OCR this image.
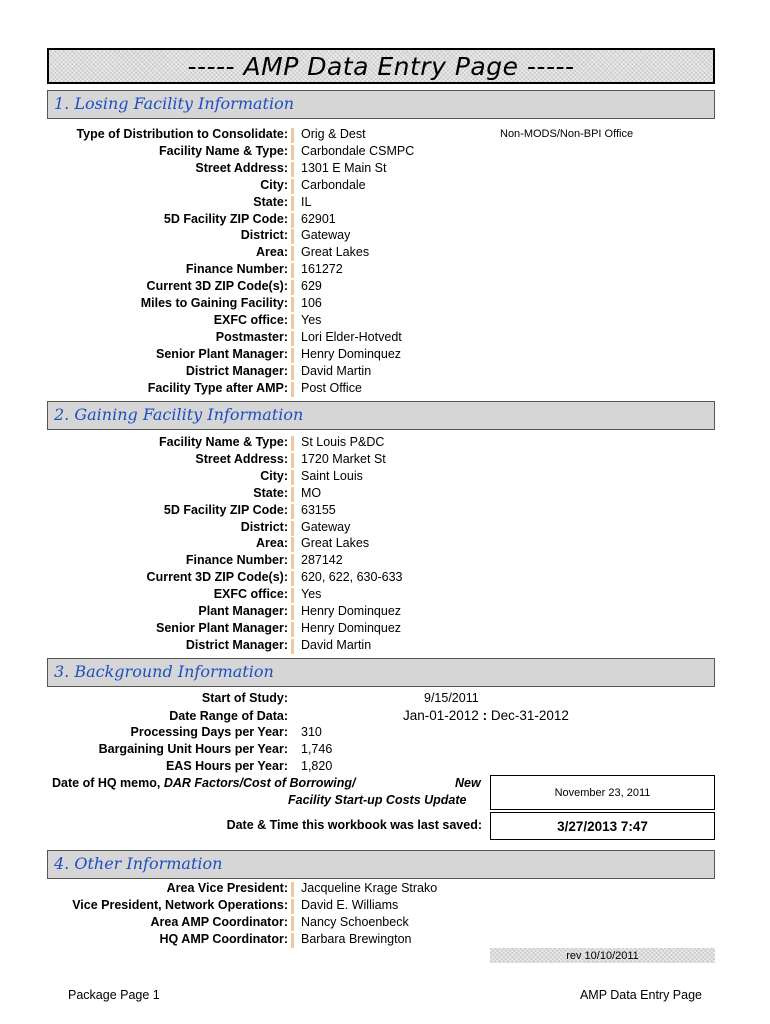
----- AMP Data Entry Page -----
1. Losing Facility Information
Non-MODS/Non-BPI Office
Type of Distribution to Consolidate: Orig & Dest
Facility Name & Type: Carbondale CSMPC
Street Address: 1301 E Main St
City: Carbondale
State: IL
5D Facility ZIP Code: 62901
District: Gateway
Area: Great Lakes
Finance Number: 161272
Current 3D ZIP Code(s): 629
Miles to Gaining Facility: 106
EXFC office: Yes
Postmaster: Lori Elder-Hotvedt
Senior Plant Manager: Henry Dominquez
District Manager: David Martin
Facility Type after AMP: Post Office
2. Gaining Facility Information
Facility Name & Type: St Louis P&DC
Street Address: 1720 Market St
City: Saint Louis
State: MO
5D Facility ZIP Code: 63155
District: Gateway
Area: Great Lakes
Finance Number: 287142
Current 3D ZIP Code(s): 620, 622, 630-633
EXFC office: Yes
Plant Manager: Henry Dominquez
Senior Plant Manager: Henry Dominquez
District Manager: David Martin
3. Background Information
Start of Study:	9/15/2011
Date Range of Data:	Jan-01-2012 : Dec-31-2012
Processing Days per Year: 310
Bargaining Unit Hours per Year: 1,746
EAS Hours per Year: 1,820
Date of HQ memo, DAR Factors/Cost of Borrowing/	New
Facility Start-up Costs Update
November 23, 2011
Date & Time this workbook was last saved:	3/27/2013 7:47
4. Other Information
Area Vice President: Jacqueline Krage Strako
Vice President, Network Operations: David E. Williams
Area AMP Coordinator: Nancy Schoenbeck
HQ AMP Coordinator: Barbara Brewington
rev 10/10/2011
Package Page 1	AMP Data Entry Page
